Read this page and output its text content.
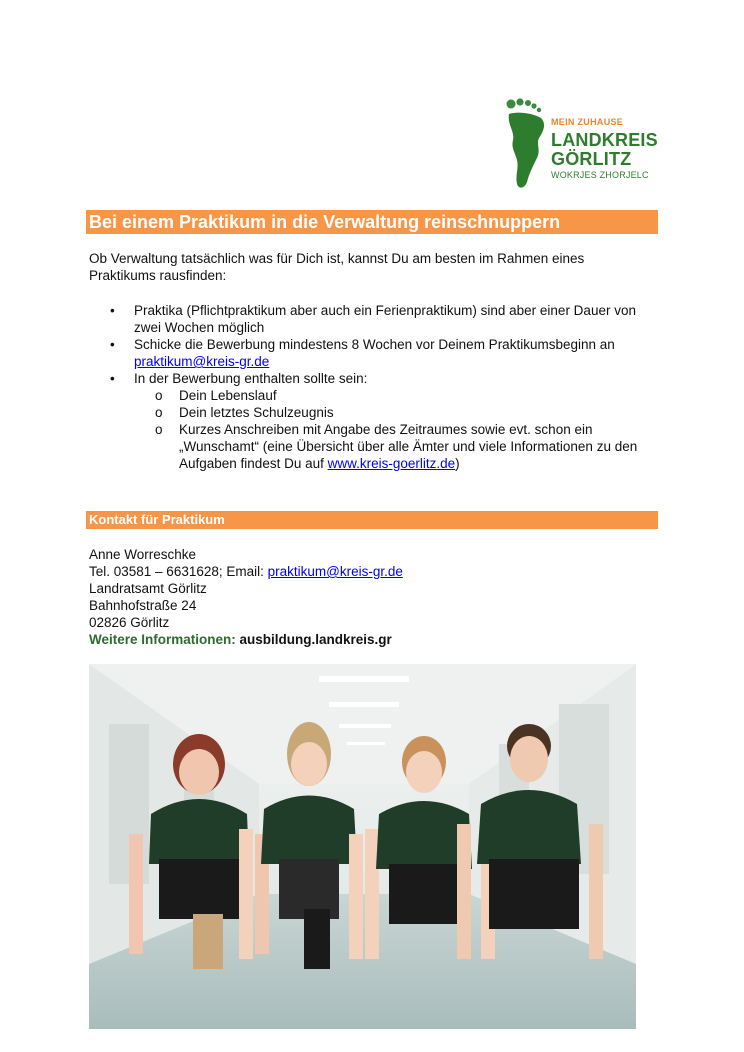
MEIN ZUHAUSE
LANDKREIS
GÖRLITZ
WOKRJES ZHORJELC
Bei einem Praktikum in die Verwaltung reinschnuppern
Ob Verwaltung tatsächlich was für Dich ist, kannst Du am besten im Rahmen eines Praktikums rausfinden:
• Praktika (Pflichtpraktikum aber auch ein Ferienpraktikum) sind aber einer Dauer von zwei Wochen möglich
• Schicke die Bewerbung mindestens 8 Wochen vor Deinem Praktikumsbeginn an praktikum@kreis-gr.de
• In der Bewerbung enthalten sollte sein:
o Dein Lebenslauf
o Dein letztes Schulzeugnis
o Kurzes Anschreiben mit Angabe des Zeitraumes sowie evt. schon ein „Wunschamt“ (eine Übersicht über alle Ämter und viele Informationen zu den Aufgaben findest Du auf www.kreis-goerlitz.de)
Kontakt für Praktikum
Anne Worreschke
Tel. 03581 – 6631628; Email: praktikum@kreis-gr.de
Landratsamt Görlitz
Bahnhofstraße 24
02826 Görlitz
Weitere Informationen: ausbildung.landkreis.gr
